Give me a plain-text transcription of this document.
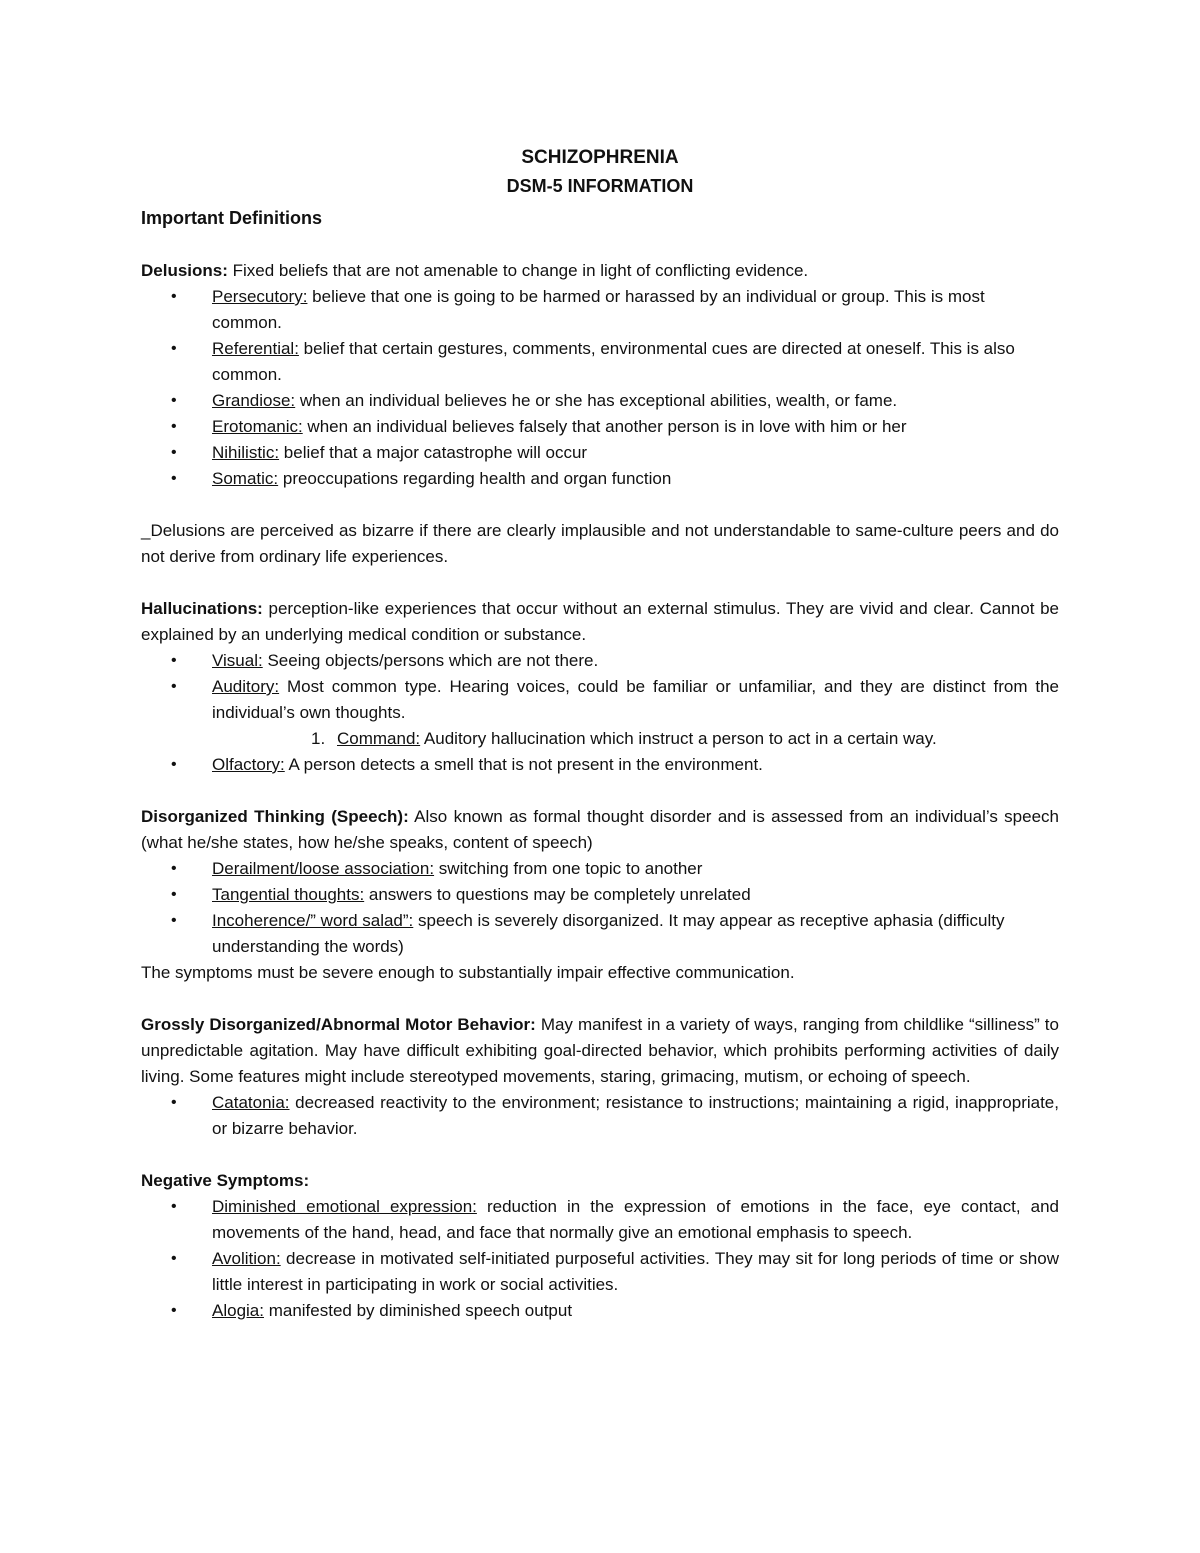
SCHIZOPHRENIA

DSM-5 INFORMATION

Important Definitions

Delusions: Fixed beliefs that are not amenable to change in light of conflicting evidence.

• Persecutory: believe that one is going to be harmed or harassed by an individual or group. This is most common.
• Referential: belief that certain gestures, comments, environmental cues are directed at oneself. This is also common.
• Grandiose: when an individual believes he or she has exceptional abilities, wealth, or fame.
• Erotomanic: when an individual believes falsely that another person is in love with him or her
• Nihilistic: belief that a major catastrophe will occur
• Somatic: preoccupations regarding health and organ function

_Delusions are perceived as bizarre if there are clearly implausible and not understandable to same-culture peers and do not derive from ordinary life experiences.

Hallucinations: perception-like experiences that occur without an external stimulus. They are vivid and clear. Cannot be explained by an underlying medical condition or substance.

• Visual: Seeing objects/persons which are not there.
• Auditory: Most common type. Hearing voices, could be familiar or unfamiliar, and they are distinct from the individual’s own thoughts.
1. Command: Auditory hallucination which instruct a person to act in a certain way.
• Olfactory: A person detects a smell that is not present in the environment.

Disorganized Thinking (Speech): Also known as formal thought disorder and is assessed from an individual’s speech (what he/she states, how he/she speaks, content of speech)

• Derailment/loose association: switching from one topic to another
• Tangential thoughts: answers to questions may be completely unrelated
• Incoherence/” word salad”: speech is severely disorganized. It may appear as receptive aphasia (difficulty understanding the words)

The symptoms must be severe enough to substantially impair effective communication.

Grossly Disorganized/Abnormal Motor Behavior: May manifest in a variety of ways, ranging from childlike “silliness” to unpredictable agitation. May have difficult exhibiting goal-directed behavior, which prohibits performing activities of daily living. Some features might include stereotyped movements, staring, grimacing, mutism, or echoing of speech.

• Catatonia: decreased reactivity to the environment; resistance to instructions; maintaining a rigid, inappropriate, or bizarre behavior.

Negative Symptoms:

• Diminished emotional expression: reduction in the expression of emotions in the face, eye contact, and movements of the hand, head, and face that normally give an emotional emphasis to speech.
• Avolition: decrease in motivated self-initiated purposeful activities. They may sit for long periods of time or show little interest in participating in work or social activities.
• Alogia: manifested by diminished speech output
